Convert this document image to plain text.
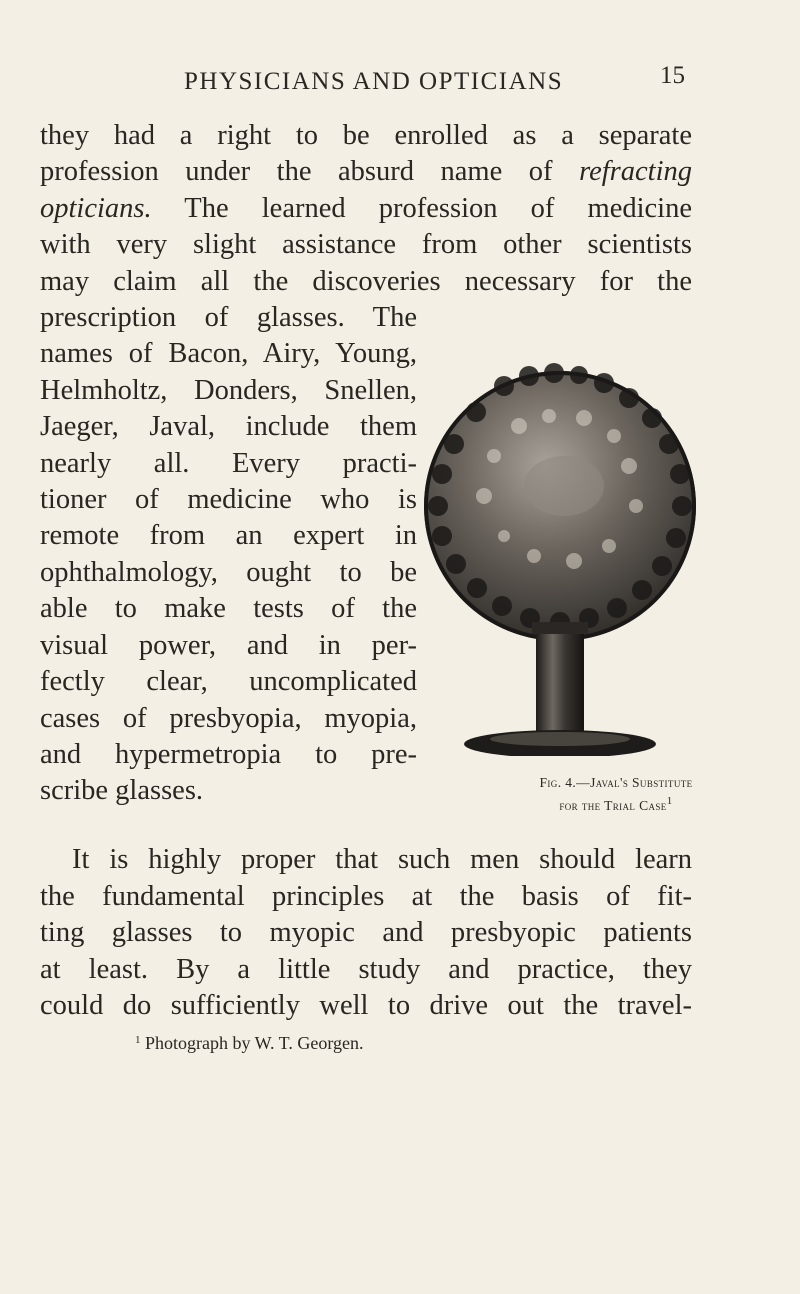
PHYSICIANS AND OPTICIANS	15
they had a right to be enrolled as a separate
profession under the absurd name of refracting
opticians. The learned profession of medicine
with very slight assistance from other scientists
may claim all the discoveries necessary for the
prescription of glasses. The
names of Bacon, Airy, Young,
Helmholtz, Donders, Snellen,
Jaeger, Javal, include them
nearly all. Every practi-
tioner of medicine who is
remote from an expert in
ophthalmology, ought to be
able to make tests of the
visual power, and in per-
fectly clear, uncomplicated
cases of presbyopia, myopia,
and hypermetropia to pre-
scribe glasses.	Fig. 4.—Javal's Substitute
for the Trial Case$^1$
It is highly proper that such men should learn
the fundamental principles at the basis of fit-
ting glasses to myopic and presbyopic patients
at least. By a little study and practice, they
could do sufficiently well to drive out the travel-
$^1$ Photograph by W. T. Georgen.
